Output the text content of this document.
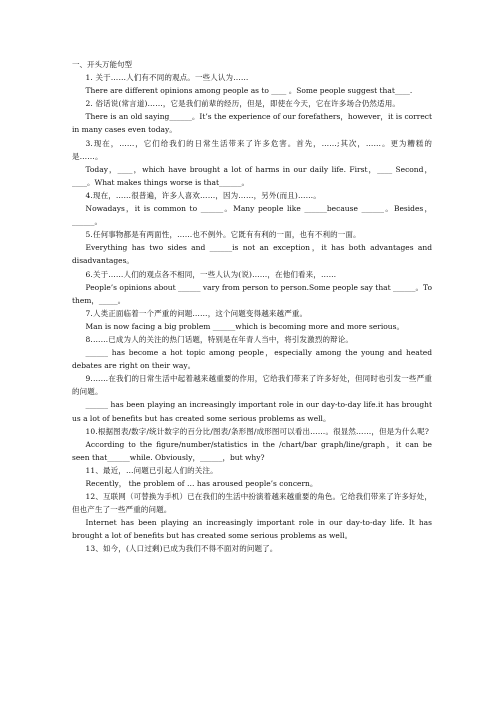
一、开头万能句型

1. 关于……人们有不同的观点。一些人认为……

There are different opinions among people as to ____ 。Some people suggest that____.

2. 俗话说(常言道)……，它是我们前辈的经历，但是，即使在今天，它在许多场合仍然适用。

There is an old saying______。It’s the experience of our forefathers，however，it is correct in many cases even today。

3.现在，……，它们给我们的日常生活带来了许多危害。首先，……;其次，……。更为糟糕的是……。

Today，____，which have brought a lot of harms in our daily life. First，____ Second，____。What makes things worse is that______。

4.现在，……很普遍，许多人喜欢……，因为……，另外(而且)……。

Nowadays，it is common to ______。Many people like ______because ______。Besides，______。

5.任何事物都是有两面性，……也不例外。它既有有利的一面，也有不利的一面。

Everything has two sides and ______is not an exception，it has both advantages and disadvantages。

6.关于……人们的观点各不相同，一些人认为(说)……，在他们看来，……

People’s opinions about ______ vary from person to person.Some people say that ______。To them，_____。

7.人类正面临着一个严重的问题……，这个问题变得越来越严重。

Man is now facing a big problem ______which is becoming more and more serious。

8.……已成为人的关注的热门话题，特别是在年青人当中，将引发激烈的辩论。

______ has become a hot topic among people，especially among the young and heated debates are right on their way。

9.……在我们的日常生活中起着越来越重要的作用，它给我们带来了许多好处，但同时也引发一些严重的问题。

______ has been playing an increasingly important role in our day-to-day life.it has brought us a lot of benefits but has created some serious problems as well。

10.根据图表/数字/统计数字的百分比/图表/条形图/成形图可以看出……。很显然……，但是为什么呢?

According to the figure/number/statistics in the /chart/bar graph/line/graph，it can be seen that______while. Obviously，______，but why?

11、最近，…问题已引起人们的关注。

Recently， the problem of … has aroused people’s concern。

12、互联网（可替换为手机）已在我们的生活中扮演着越来越重要的角色。它给我们带来了许多好处，但也产生了一些严重的问题。

Internet has been playing an increasingly important role in our day-to-day life. It has brought a lot of benefits but has created some serious problems as well。

13、如今，(人口过剩)已成为我们不得不面对的问题了。
